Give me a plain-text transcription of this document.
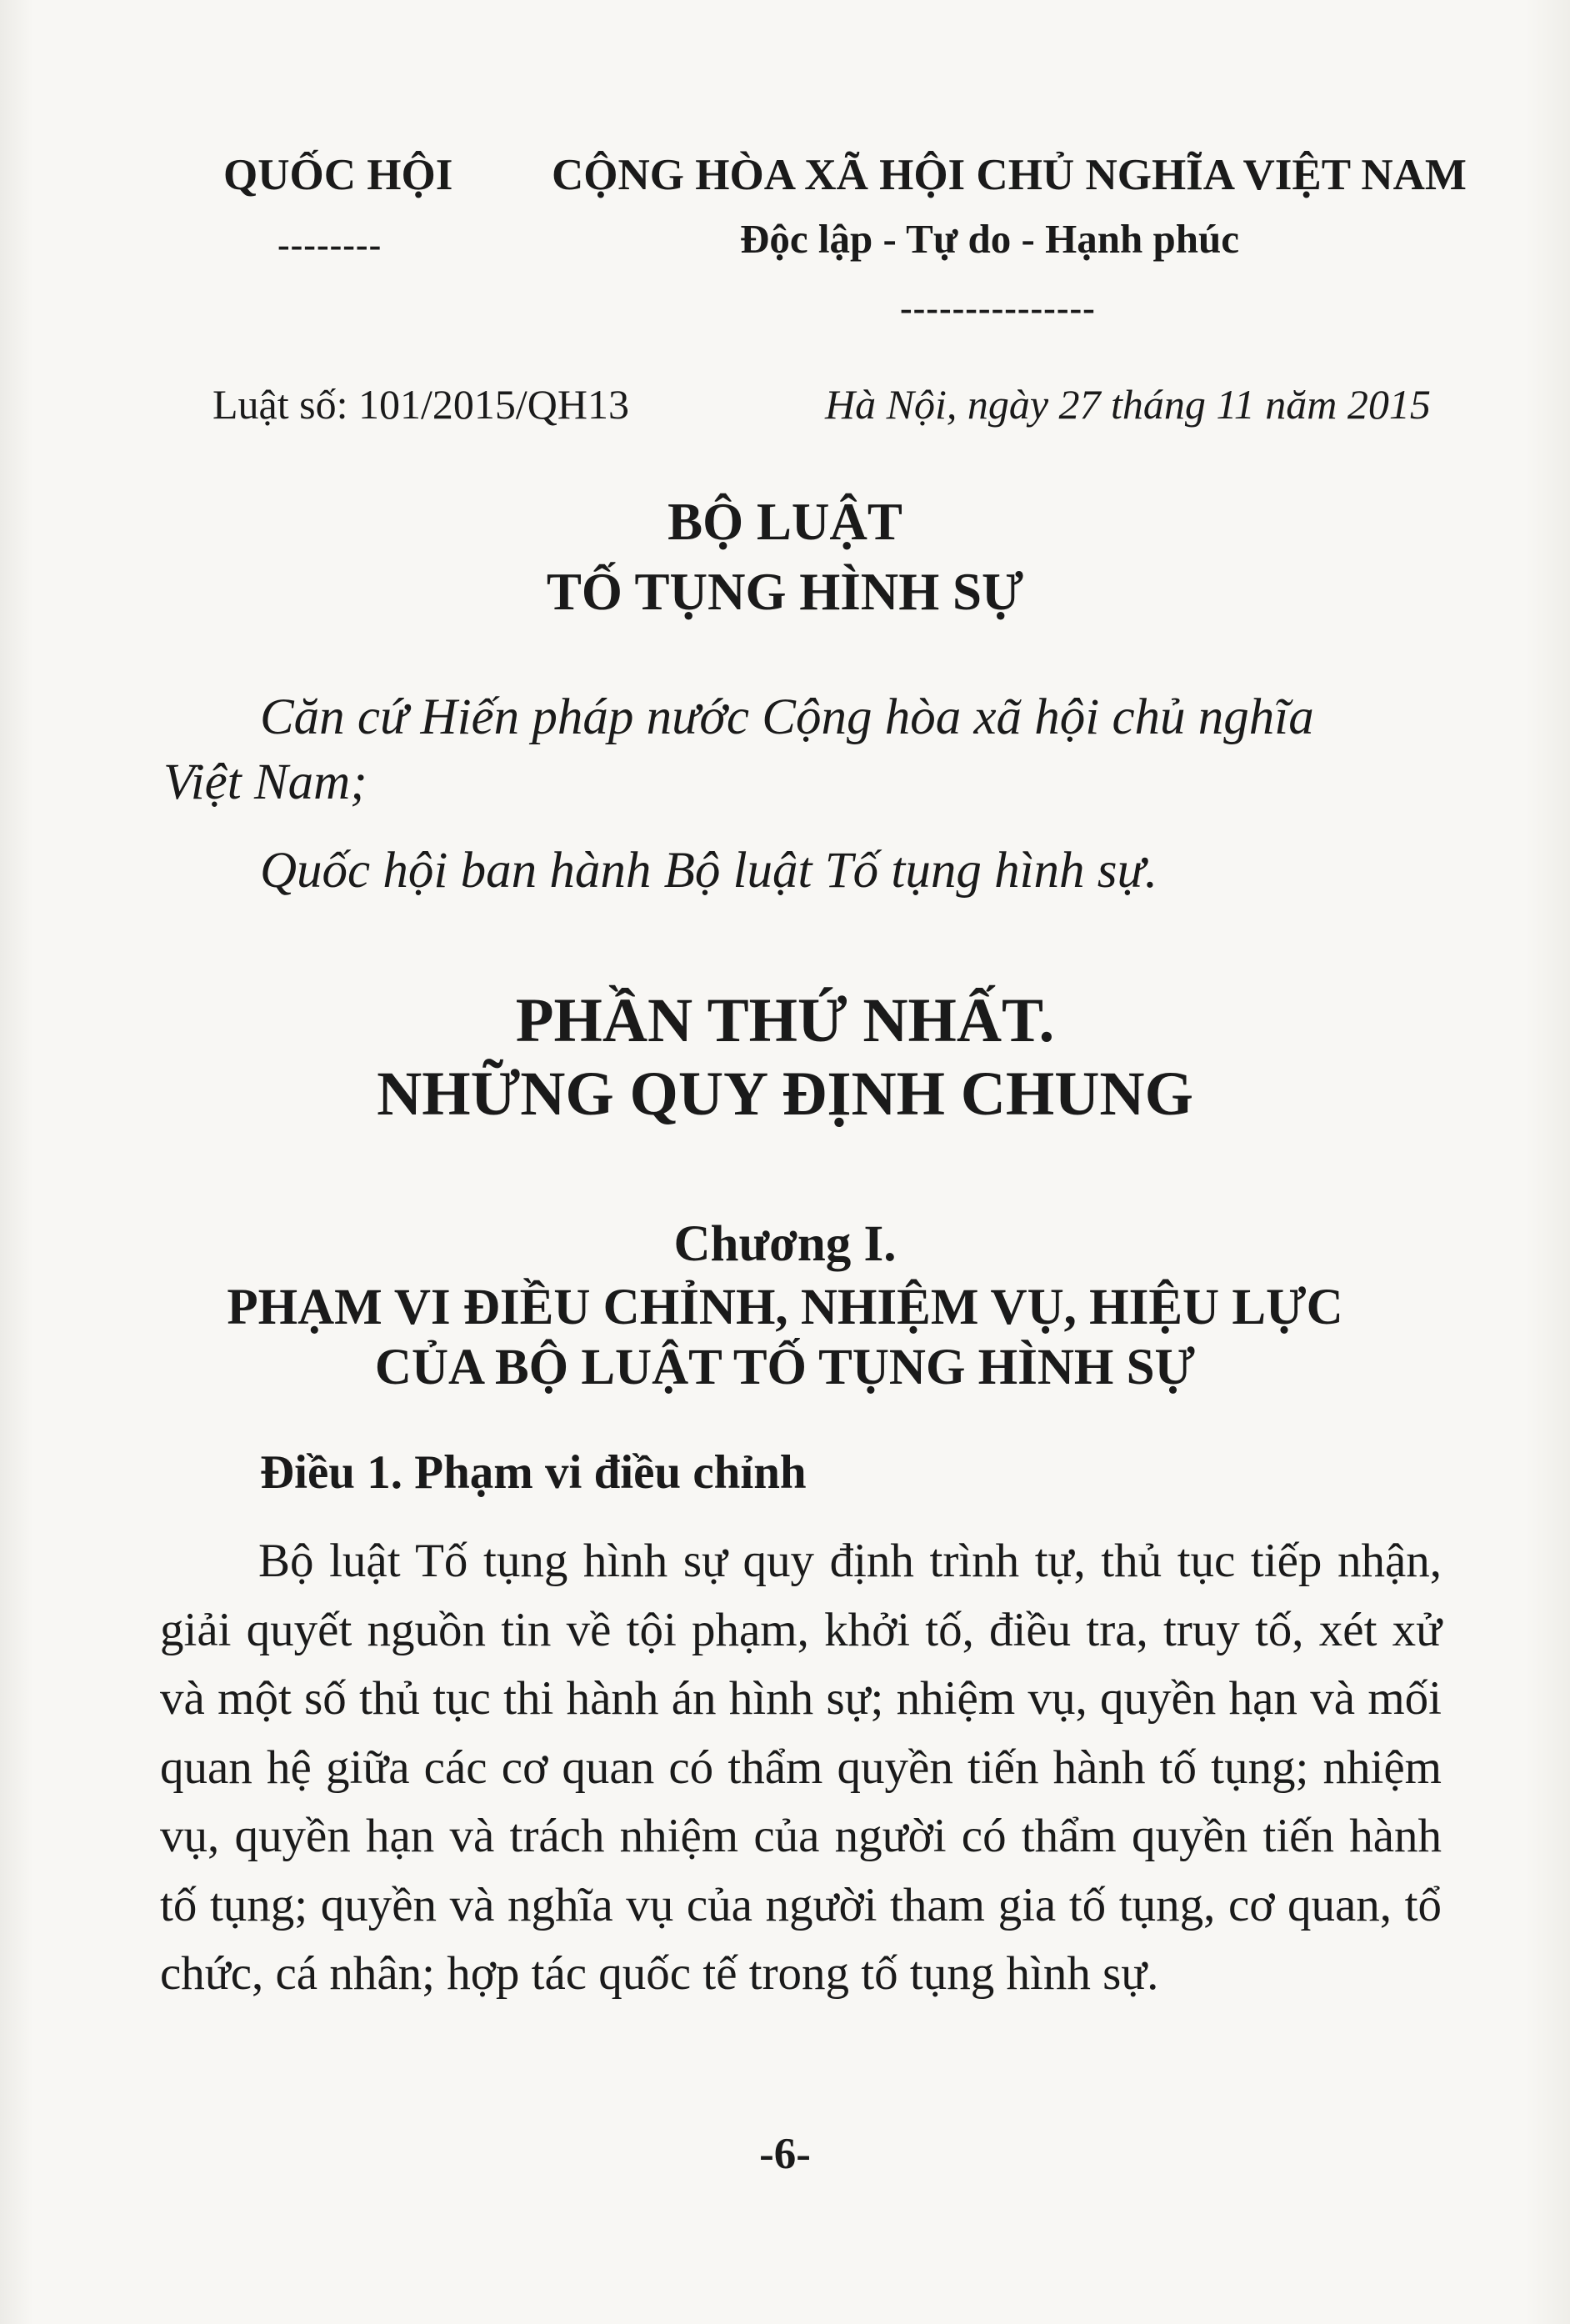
QUỐC HỘI
--------
CỘNG HÒA XÃ HỘI CHỦ NGHĨA VIỆT NAM
Độc lập - Tự do - Hạnh phúc
---------------
Luật số: 101/2015/QH13	Hà Nội, ngày 27 tháng 11 năm 2015
BỘ LUẬT
TỐ TỤNG HÌNH SỰ
Căn cứ Hiến pháp nước Cộng hòa xã hội chủ nghĩa
Việt Nam;
Quốc hội ban hành Bộ luật Tố tụng hình sự.
PHẦN THỨ NHẤT.
NHỮNG QUY ĐỊNH CHUNG
Chương I.
PHẠM VI ĐIỀU CHỈNH, NHIỆM VỤ, HIỆU LỰC
CỦA BỘ LUẬT TỐ TỤNG HÌNH SỰ
Điều 1. Phạm vi điều chỉnh
Bộ luật Tố tụng hình sự quy định trình tự, thủ tục tiếp nhận, giải quyết nguồn tin về tội phạm, khởi tố, điều tra, truy tố, xét xử và một số thủ tục thi hành án hình sự; nhiệm vụ, quyền hạn và mối quan hệ giữa các cơ quan có thẩm quyền tiến hành tố tụng; nhiệm vụ, quyền hạn và trách nhiệm của người có thẩm quyền tiến hành tố tụng; quyền và nghĩa vụ của người tham gia tố tụng, cơ quan, tổ chức, cá nhân; hợp tác quốc tế trong tố tụng hình sự.
-6-
